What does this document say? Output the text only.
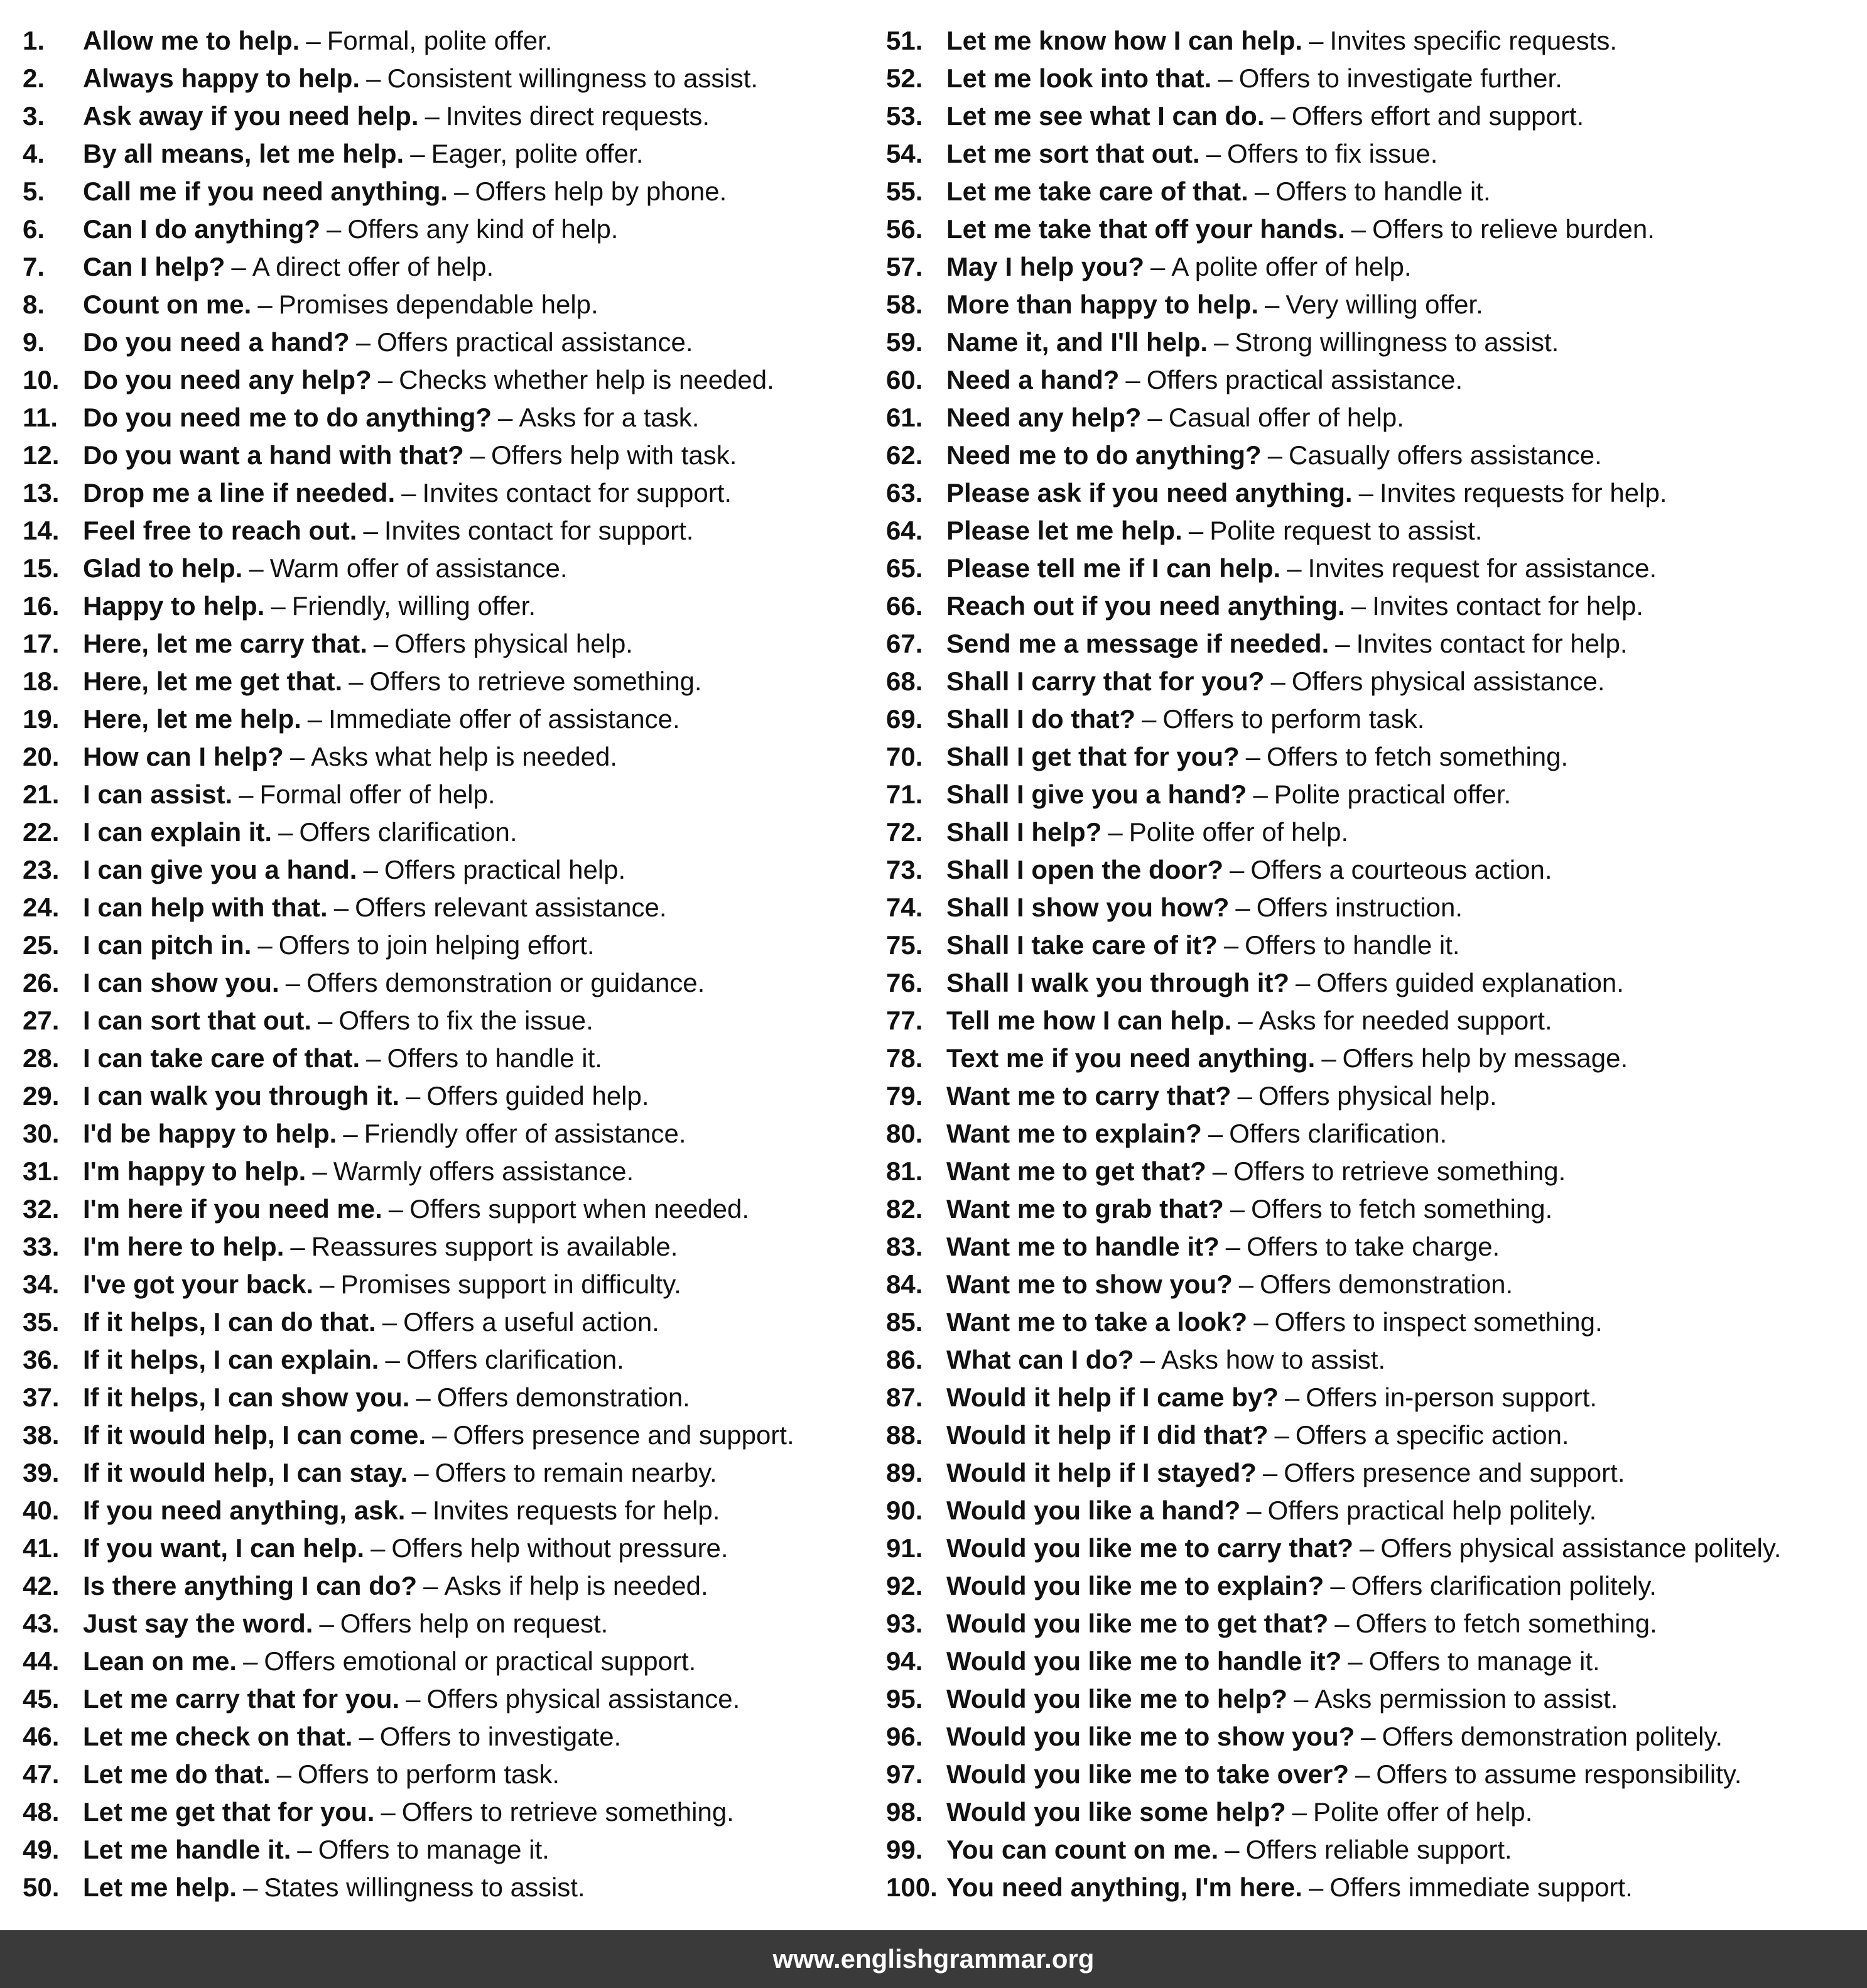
1.	Allow me to help. – Formal, polite offer.
2.	Always happy to help. – Consistent willingness to assist.
3.	Ask away if you need help. – Invites direct requests.
4.	By all means, let me help. – Eager, polite offer.
5.	Call me if you need anything. – Offers help by phone.
6.	Can I do anything? – Offers any kind of help.
7.	Can I help? – A direct offer of help.
8.	Count on me. – Promises dependable help.
9.	Do you need a hand? – Offers practical assistance.
10. Do you need any help? – Checks whether help is needed.
11. Do you need me to do anything? – Asks for a task.
12. Do you want a hand with that? – Offers help with task.
13. Drop me a line if needed. – Invites contact for support.
14. Feel free to reach out. – Invites contact for support.
15. Glad to help. – Warm offer of assistance.
16. Happy to help. – Friendly, willing offer.
17. Here, let me carry that. – Offers physical help.
18. Here, let me get that. – Offers to retrieve something.
19. Here, let me help. – Immediate offer of assistance.
20. How can I help? – Asks what help is needed.
21. I can assist. – Formal offer of help.
22. I can explain it. – Offers clarification.
23. I can give you a hand. – Offers practical help.
24. I can help with that. – Offers relevant assistance.
25. I can pitch in. – Offers to join helping effort.
26. I can show you. – Offers demonstration or guidance.
27. I can sort that out. – Offers to fix the issue.
28. I can take care of that. – Offers to handle it.
29. I can walk you through it. – Offers guided help.
30. I'd be happy to help. – Friendly offer of assistance.
31. I'm happy to help. – Warmly offers assistance.
32. I'm here if you need me. – Offers support when needed.
33. I'm here to help. – Reassures support is available.
34. I've got your back. – Promises support in difficulty.
35. If it helps, I can do that. – Offers a useful action.
36. If it helps, I can explain. – Offers clarification.
37. If it helps, I can show you. – Offers demonstration.
38. If it would help, I can come. – Offers presence and support.
39. If it would help, I can stay. – Offers to remain nearby.
40. If you need anything, ask. – Invites requests for help.
41. If you want, I can help. – Offers help without pressure.
42. Is there anything I can do? – Asks if help is needed.
43. Just say the word. – Offers help on request.
44. Lean on me. – Offers emotional or practical support.
45. Let me carry that for you. – Offers physical assistance.
46. Let me check on that. – Offers to investigate.
47. Let me do that. – Offers to perform task.
48. Let me get that for you. – Offers to retrieve something.
49. Let me handle it. – Offers to manage it.
50. Let me help. – States willingness to assist.
51. Let me know how I can help. – Invites specific requests.
52. Let me look into that. – Offers to investigate further.
53. Let me see what I can do. – Offers effort and support.
54. Let me sort that out. – Offers to fix issue.
55. Let me take care of that. – Offers to handle it.
56. Let me take that off your hands. – Offers to relieve burden.
57. May I help you? – A polite offer of help.
58. More than happy to help. – Very willing offer.
59. Name it, and I'll help. – Strong willingness to assist.
60. Need a hand? – Offers practical assistance.
61. Need any help? – Casual offer of help.
62. Need me to do anything? – Casually offers assistance.
63. Please ask if you need anything. – Invites requests for help.
64. Please let me help. – Polite request to assist.
65. Please tell me if I can help. – Invites request for assistance.
66. Reach out if you need anything. – Invites contact for help.
67. Send me a message if needed. – Invites contact for help.
68. Shall I carry that for you? – Offers physical assistance.
69. Shall I do that? – Offers to perform task.
70. Shall I get that for you? – Offers to fetch something.
71. Shall I give you a hand? – Polite practical offer.
72. Shall I help? – Polite offer of help.
73. Shall I open the door? – Offers a courteous action.
74. Shall I show you how? – Offers instruction.
75. Shall I take care of it? – Offers to handle it.
76. Shall I walk you through it? – Offers guided explanation.
77. Tell me how I can help. – Asks for needed support.
78. Text me if you need anything. – Offers help by message.
79. Want me to carry that? – Offers physical help.
80. Want me to explain? – Offers clarification.
81. Want me to get that? – Offers to retrieve something.
82. Want me to grab that? – Offers to fetch something.
83. Want me to handle it? – Offers to take charge.
84. Want me to show you? – Offers demonstration.
85. Want me to take a look? – Offers to inspect something.
86. What can I do? – Asks how to assist.
87. Would it help if I came by? – Offers in-person support.
88. Would it help if I did that? – Offers a specific action.
89. Would it help if I stayed? – Offers presence and support.
90. Would you like a hand? – Offers practical help politely.
91. Would you like me to carry that? – Offers physical assistance politely.
92. Would you like me to explain? – Offers clarification politely.
93. Would you like me to get that? – Offers to fetch something.
94. Would you like me to handle it? – Offers to manage it.
95. Would you like me to help? – Asks permission to assist.
96. Would you like me to show you? – Offers demonstration politely.
97. Would you like me to take over? – Offers to assume responsibility.
98. Would you like some help? – Polite offer of help.
99. You can count on me. – Offers reliable support.
100. You need anything, I'm here. – Offers immediate support.
www.englishgrammar.org
